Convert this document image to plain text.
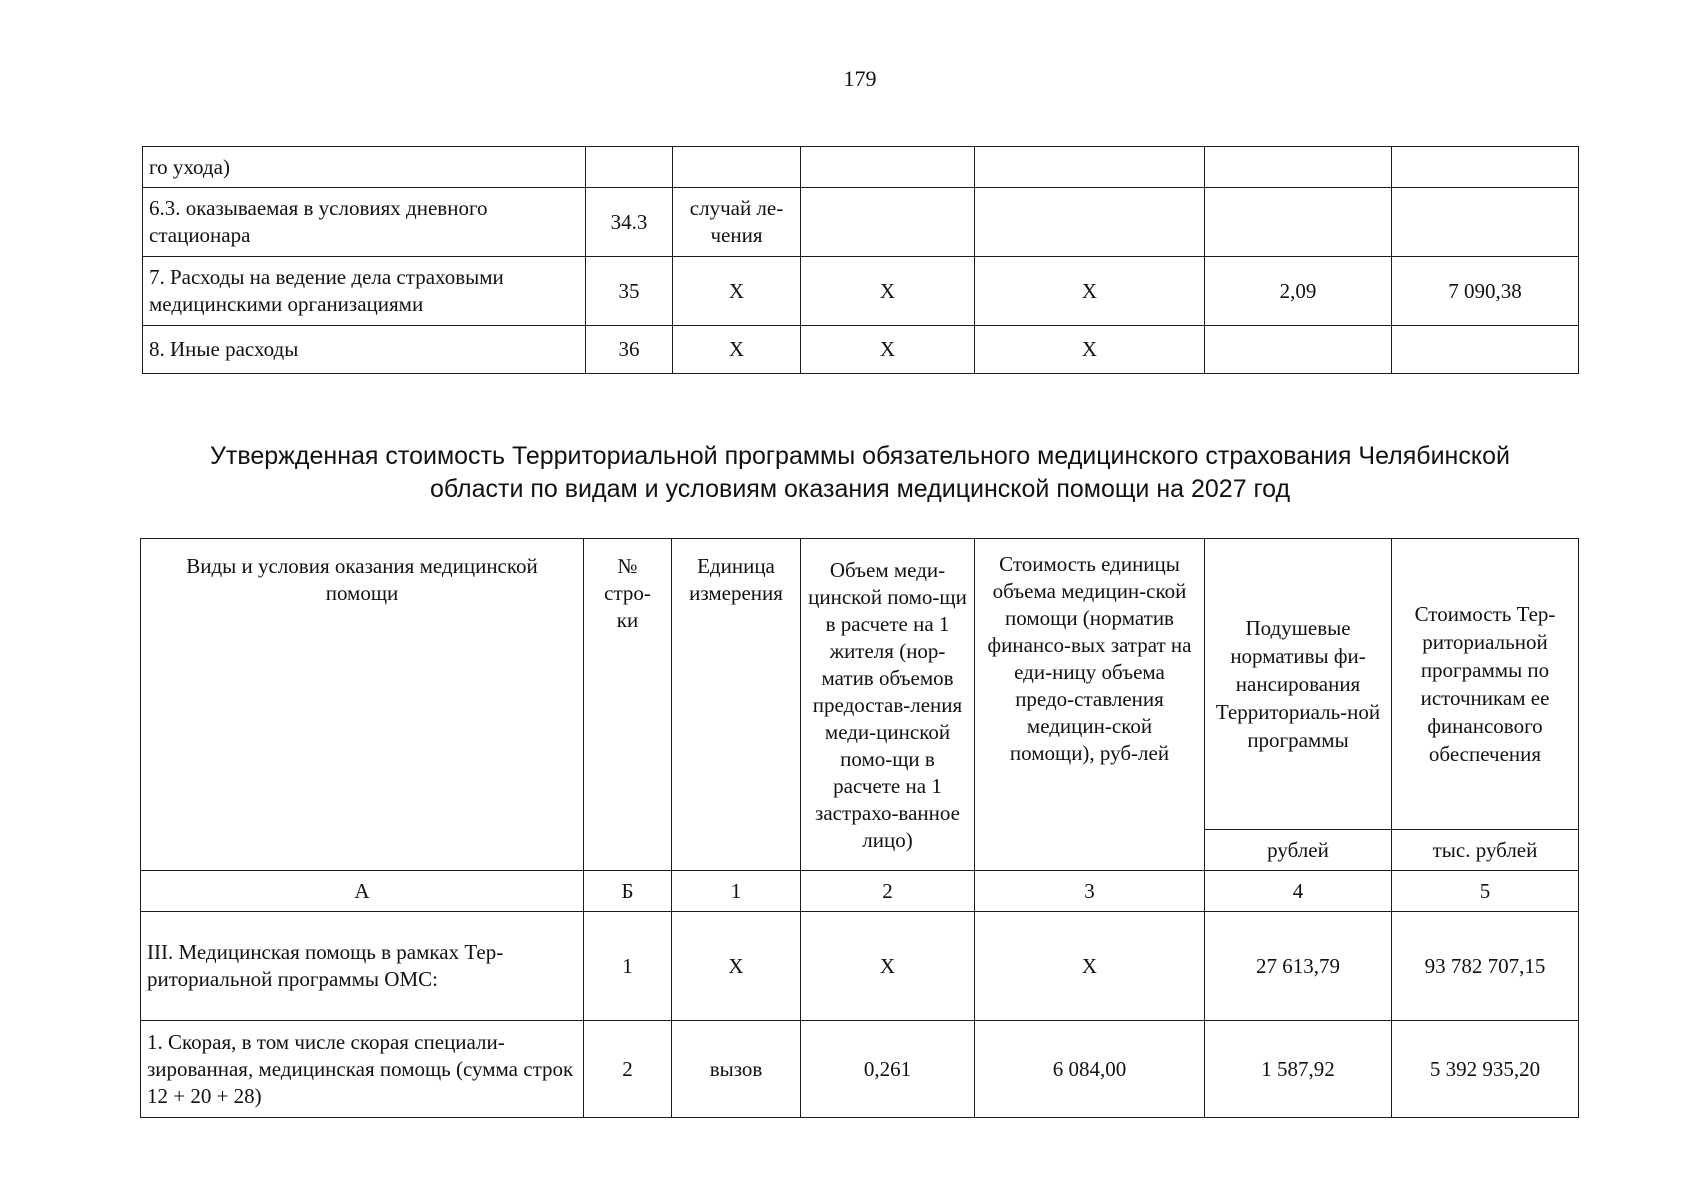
179
го ухода)						
6.3. оказываемая в условиях дневного стационара	34.3	случай ле-чения				
7. Расходы на ведение дела страховыми медицинскими организациями	35	Х	Х	Х	2,09	7 090,38
8. Иные расходы	36	Х	Х	Х		
Утвержденная стоимость Территориальной программы обязательного медицинского страхования Челябинской
области по видам и условиям оказания медицинской помощи на 2027 год
Виды и условия оказания медицинской помощи	№ стро-ки	Единица измерения	Объем меди-цинской помо-щи в расчете на 1 жителя (нор-матив объемов предостав-ления меди-цинской помо-щи в расчете на 1 застрахо-ванное лицо)	Стоимость единицы объема медицин-ской помощи (норматив финансо-вых затрат на еди-ницу объема предо-ставления медицин-ской помощи), руб-лей	Подушевые нормативы фи-нансирования Территориаль-ной программы	Стоимость Тер-риториальной программы по источникам ее финансового обеспечения
					рублей	тыс. рублей
А	Б	1	2	3	4	5
III. Медицинская помощь в рамках Тер-риториальной программы ОМС:	1	Х	Х	Х	27 613,79	93 782 707,15
1. Скорая, в том числе скорая специали-зированная, медицинская помощь (сумма строк 12 + 20 + 28)	2	вызов	0,261	6 084,00	1 587,92	5 392 935,20
